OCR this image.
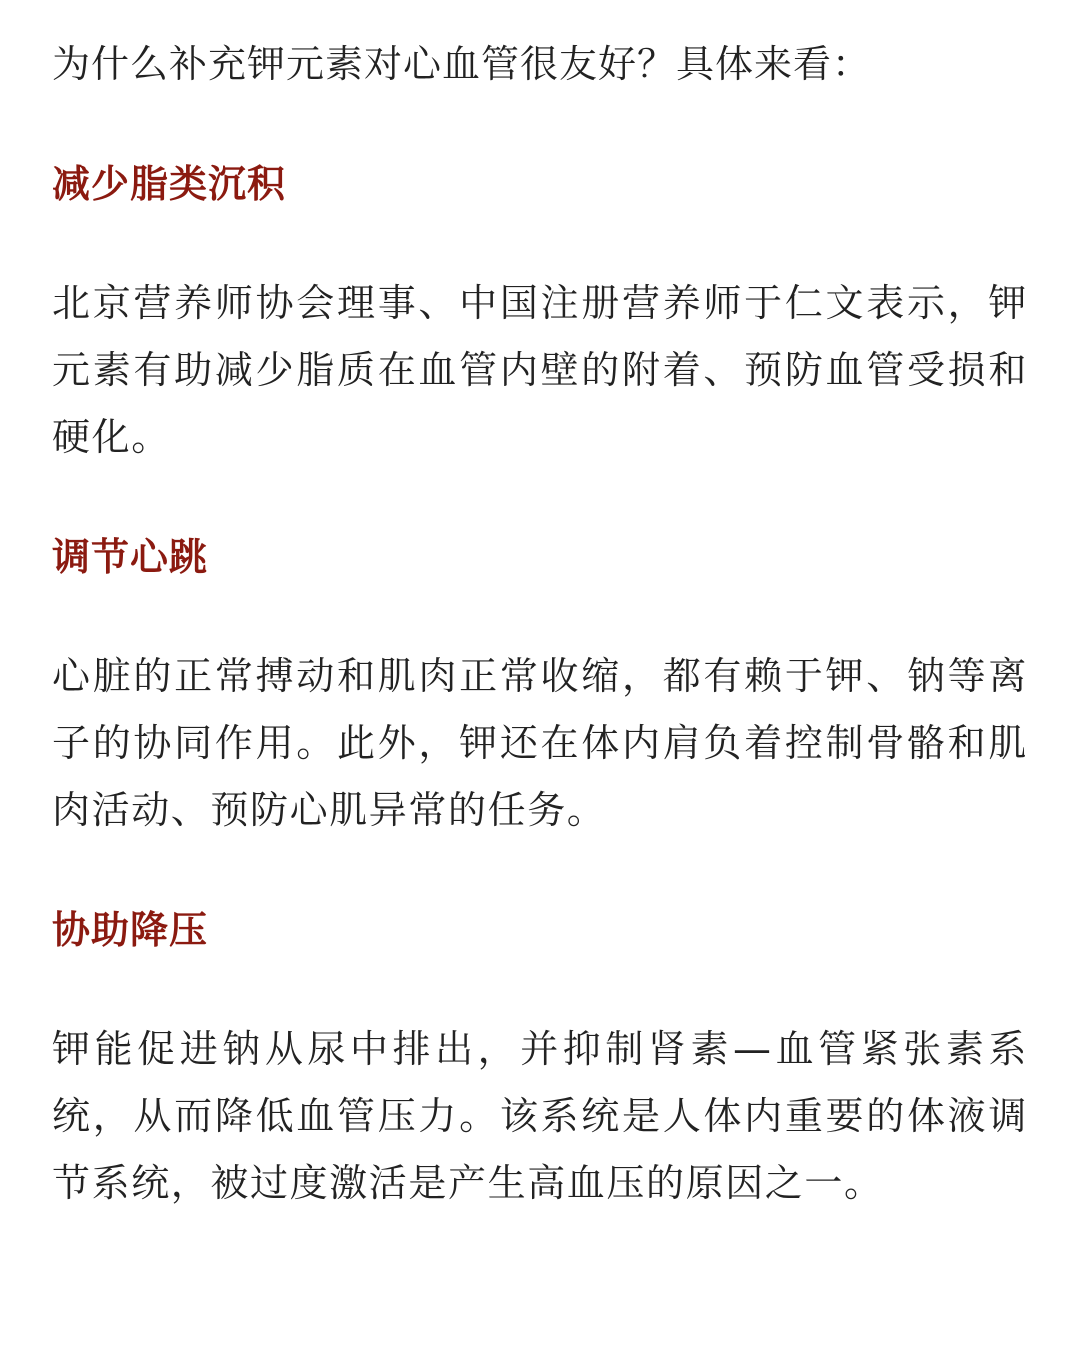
为什么补充钾元素对心血管很友好？具体来看：

减少脂类沉积

北京营养师协会理事、中国注册营养师于仁文表示，钾元素有助减少脂质在血管内壁的附着、预防血管受损和硬化。

调节心跳

心脏的正常搏动和肌肉正常收缩，都有赖于钾、钠等离子的协同作用。此外，钾还在体内肩负着控制骨骼和肌肉活动、预防心肌异常的任务。

协助降压

钾能促进钠从尿中排出，并抑制肾素—血管紧张素系统，从而降低血管压力。该系统是人体内重要的体液调节系统，被过度激活是产生高血压的原因之一。
